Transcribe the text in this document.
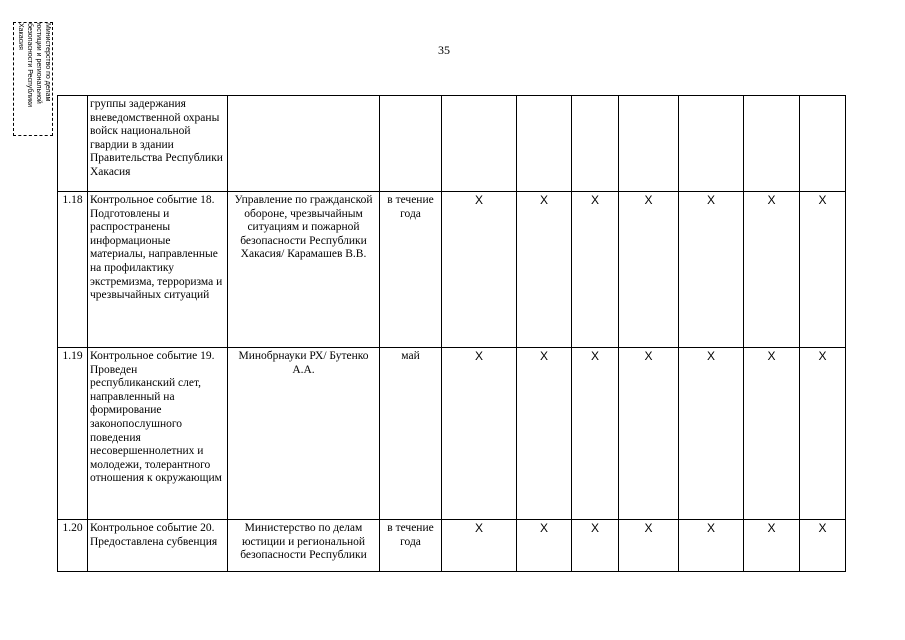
Министерство по делам
юстиции и региональной
безопасности Республики
Хакасия
35
	группы задержания вневедомственной охраны войск национальной гвардии в здании Правительства Республики Хакасия									
1.18	Контрольное событие 18. Подготовлены и распространены информационые материалы, направленные на профилактику экстремизма, терроризма и чрезвычайных ситуаций	Управление по гражданской обороне, чрезвычайным ситуациям и пожарной безопасности Республики Хакасия/ Карамашев В.В.	в течение года	X	X	X	X	X	X	X
1.19	Контрольное событие 19. Проведен республиканский слет, направленный на формирование законопослушного поведения несовершеннолетних и молодежи, толерантного отношения к окружающим	Минобрнауки РХ/ Бутенко А.А.	май	X	X	X	X	X	X	X
1.20	Контрольное событие 20. Предоставлена субвенция	Министерство по делам юстиции и региональной безопасности Республики	в течение года	X	X	X	X	X	X	X
